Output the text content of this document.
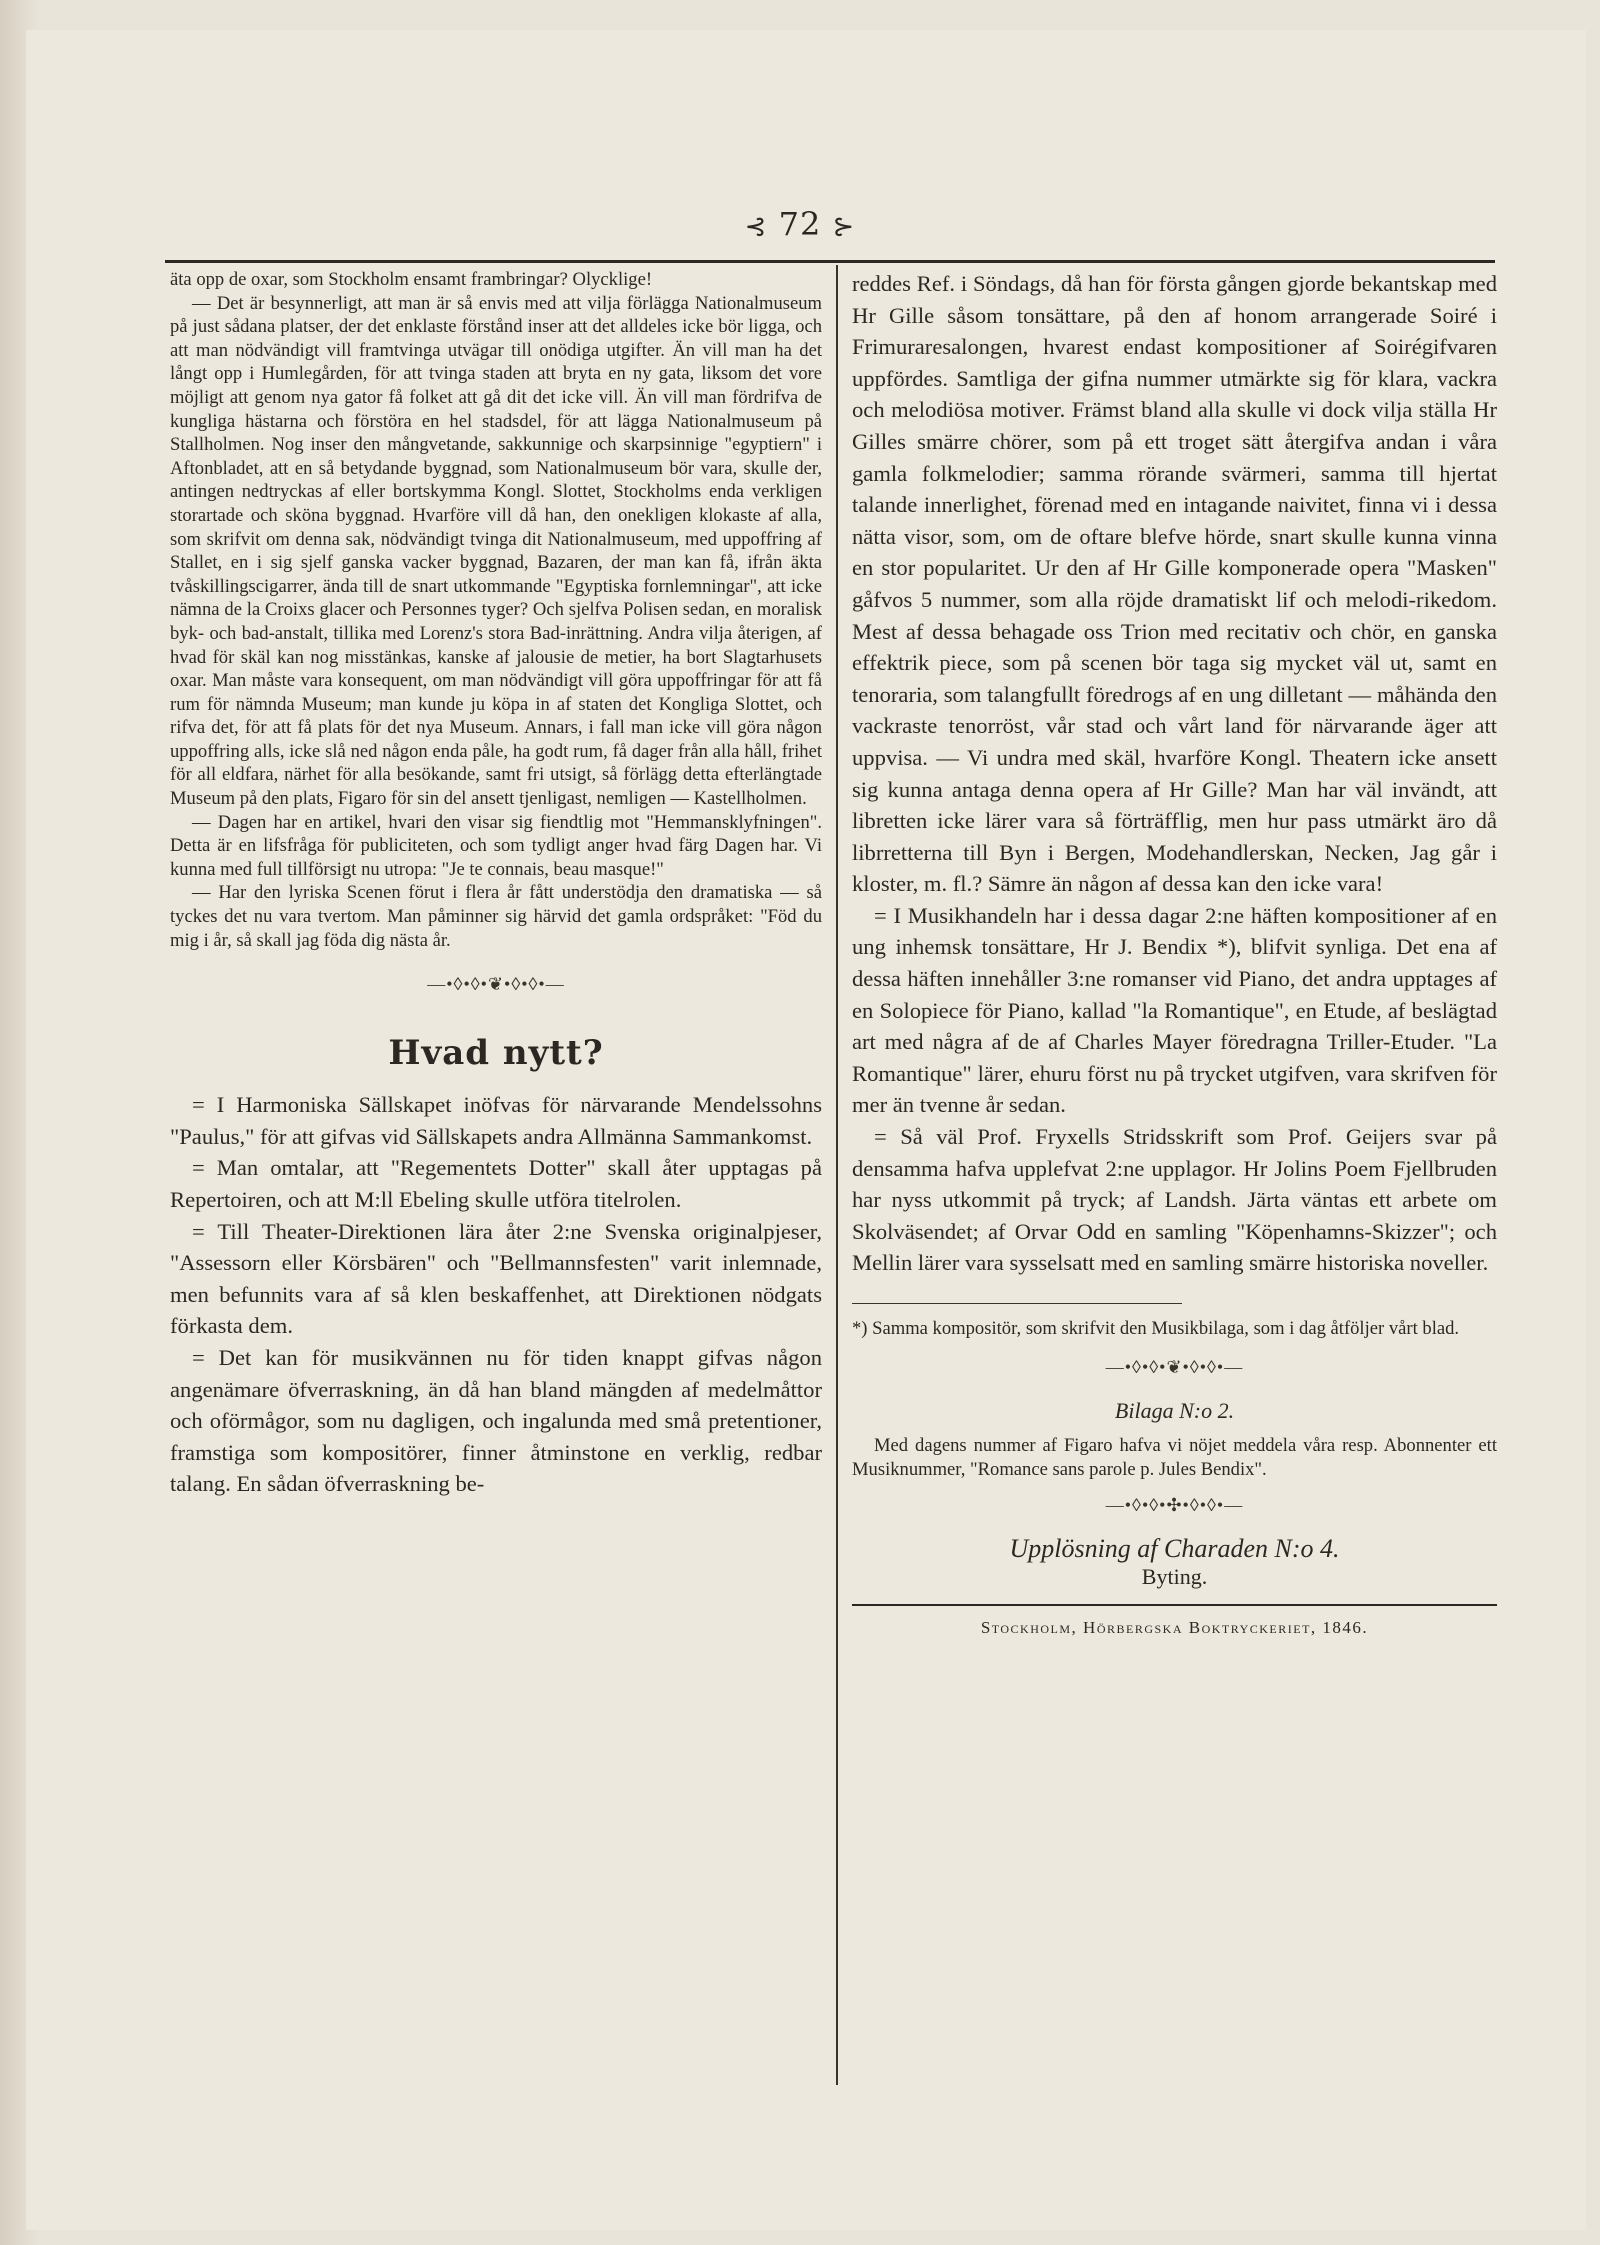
⊰ 72 ⊱

äta opp de oxar, som Stockholm ensamt frambringar? Olycklige!

— Det är besynnerligt, att man är så envis med att vilja förlägga Nationalmuseum på just sådana platser, der det enklaste förstånd inser att det alldeles icke bör ligga, och att man nödvändigt vill framtvinga utvägar till onödiga utgifter. Än vill man ha det långt opp i Humlegården, för att tvinga staden att bryta en ny gata, liksom det vore möjligt att genom nya gator få folket att gå dit det icke vill. Än vill man fördrifva de kungliga hästarna och förstöra en hel stadsdel, för att lägga Nationalmuseum på Stallholmen. Nog inser den mångvetande, sakkunnige och skarpsinnige "egyptiern" i Aftonbladet, att en så betydande byggnad, som Nationalmuseum bör vara, skulle der, antingen nedtryckas af eller bortskymma Kongl. Slottet, Stockholms enda verkligen storartade och sköna byggnad. Hvarföre vill då han, den onekligen klokaste af alla, som skrifvit om denna sak, nödvändigt tvinga dit Nationalmuseum, med uppoffring af Stallet, en i sig sjelf ganska vacker byggnad, Bazaren, der man kan få, ifrån äkta tvåskillingscigarrer, ända till de snart utkommande "Egyptiska fornlemningar", att icke nämna de la Croixs glacer och Personnes tyger? Och sjelfva Polisen sedan, en moralisk byk- och bad-anstalt, tillika med Lorenz's stora Bad-inrättning. Andra vilja återigen, af hvad för skäl kan nog misstänkas, kanske af jalousie de metier, ha bort Slagtarhusets oxar. Man måste vara konsequent, om man nödvändigt vill göra uppoffringar för att få rum för nämnda Museum; man kunde ju köpa in af staten det Kongliga Slottet, och rifva det, för att få plats för det nya Museum. Annars, i fall man icke vill göra någon uppoffring alls, icke slå ned någon enda påle, ha godt rum, få dager från alla håll, frihet för all eldfara, närhet för alla besökande, samt fri utsigt, så förlägg detta efterlängtade Museum på den plats, Figaro för sin del ansett tjenligast, nemligen — Kastellholmen.

— Dagen har en artikel, hvari den visar sig fiendtlig mot "Hemmansklyfningen". Detta är en lifsfråga för publiciteten, och som tydligt anger hvad färg Dagen har. Vi kunna med full tillförsigt nu utropa: "Je te connais, beau masque!"

— Har den lyriska Scenen förut i flera år fått understödja den dramatiska — så tyckes det nu vara tvertom. Man påminner sig härvid det gamla ordspråket: "Föd du mig i år, så skall jag föda dig nästa år.

—•◊•◊•❦•◊•◊•—
Hvad nytt?

= I Harmoniska Sällskapet inöfvas för närvarande Mendelssohns "Paulus," för att gifvas vid Sällskapets andra Allmänna Sammankomst.

= Man omtalar, att "Regementets Dotter" skall åter upptagas på Repertoiren, och att M:ll Ebeling skulle utföra titelrolen.

= Till Theater-Direktionen lära åter 2:ne Svenska originalpjeser, "Assessorn eller Körsbären" och "Bellmannsfesten" varit inlemnade, men befunnits vara af så klen beskaffenhet, att Direktionen nödgats förkasta dem.

= Det kan för musikvännen nu för tiden knappt gifvas någon angenämare öfverraskning, än då han bland mängden af medelmåttor och oförmågor, som nu dagligen, och ingalunda med små pretentioner, framstiga som kompositörer, finner åtminstone en verklig, redbar talang. En sådan öfverraskning be-

reddes Ref. i Söndags, då han för första gången gjorde bekantskap med Hr Gille såsom tonsättare, på den af honom arrangerade Soiré i Frimuraresalongen, hvarest endast kompositioner af Soirégifvaren uppfördes. Samtliga der gifna nummer utmärkte sig för klara, vackra och melodiösa motiver. Främst bland alla skulle vi dock vilja ställa Hr Gilles smärre chörer, som på ett troget sätt återgifva andan i våra gamla folkmelodier; samma rörande svärmeri, samma till hjertat talande innerlighet, förenad med en intagande naivitet, finna vi i dessa nätta visor, som, om de oftare blefve hörde, snart skulle kunna vinna en stor popularitet. Ur den af Hr Gille komponerade opera "Masken" gåfvos 5 nummer, som alla röjde dramatiskt lif och melodi-rikedom. Mest af dessa behagade oss Trion med recitativ och chör, en ganska effektrik piece, som på scenen bör taga sig mycket väl ut, samt en tenoraria, som talangfullt föredrogs af en ung dilletant — måhända den vackraste tenorröst, vår stad och vårt land för närvarande äger att uppvisa. — Vi undra med skäl, hvarföre Kongl. Theatern icke ansett sig kunna antaga denna opera af Hr Gille? Man har väl invändt, att libretten icke lärer vara så förträfflig, men hur pass utmärkt äro då librretterna till Byn i Bergen, Modehandlerskan, Necken, Jag går i kloster, m. fl.? Sämre än någon af dessa kan den icke vara!

= I Musikhandeln har i dessa dagar 2:ne häften kompositioner af en ung inhemsk tonsättare, Hr J. Bendix *), blifvit synliga. Det ena af dessa häften innehåller 3:ne romanser vid Piano, det andra upptages af en Solopiece för Piano, kallad "la Romantique", en Etude, af beslägtad art med några af de af Charles Mayer föredragna Triller-Etuder. "La Romantique" lärer, ehuru först nu på trycket utgifven, vara skrifven för mer än tvenne år sedan.

= Så väl Prof. Fryxells Stridsskrift som Prof. Geijers svar på densamma hafva upplefvat 2:ne upplagor. Hr Jolins Poem Fjellbruden har nyss utkommit på tryck; af Landsh. Järta väntas ett arbete om Skolväsendet; af Orvar Odd en samling "Köpenhamns-Skizzer"; och Mellin lärer vara sysselsatt med en samling smärre historiska noveller.

*) Samma kompositör, som skrifvit den Musikbilaga, som i dag åtföljer vårt blad.

—•◊•◊•❦•◊•◊•—
Bilaga N:o 2.

Med dagens nummer af Figaro hafva vi nöjet meddela våra resp. Abonnenter ett Musiknummer, "Romance sans parole p. Jules Bendix".

—•◊•◊•✣•◊•◊•—
Upplösning af Charaden N:o 4.
Byting.
Stockholm, Hörbergska Boktryckeriet, 1846.
